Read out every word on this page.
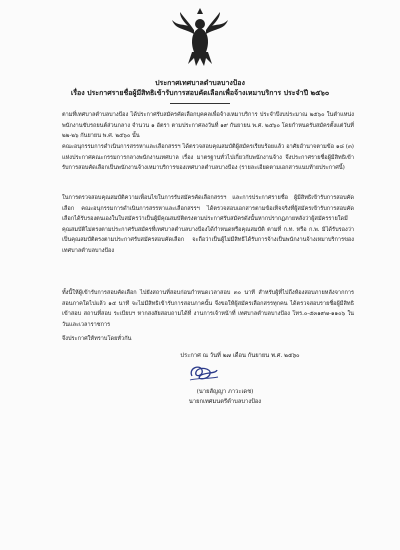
ประกาศเทศบาลตำบลบางป้อง
เรื่อง ประกาศรายชื่อผู้มีสิทธิเข้ารับการสอบคัดเลือกเพื่อจ้างเหมาบริการ ประจำปี ๒๕๖๐
ตามที่เทศบาลตำบลบางป้อง ได้ประกาศรับสมัครคัดเลือกบุคคลเพื่อจ้างเหมาบริการ ประจำปีงบประมาณ ๒๕๖๐ ในตำแหน่ง พนักงานขับรถยนต์ส่วนกลาง จำนวน ๑ อัตรา ตามประกาศลงวันที่ ๑๙ กันยายน พ.ศ. ๒๕๖๐ โดยกำหนดรับสมัครตั้งแต่วันที่ ๒๒-๒๖ กันยายน พ.ศ. ๒๕๖๐ นั้น
คณะอนุกรรมการดำเนินการสรรหาและเลือกสรรฯ ได้ตรวจสอบคุณสมบัติผู้สมัครเรียบร้อยแล้ว อาศัยอำนาจตามข้อ ๑๘ (๓) แห่งประกาศคณะกรรมการกลางพนักงานเทศบาล เรื่อง มาตรฐานทั่วไปเกี่ยวกับพนักงานจ้าง จึงประกาศรายชื่อผู้มีสิทธิเข้ารับการสอบคัดเลือกเป็นพนักงานจ้างเหมาบริการของเทศบาลตำบลบางป้อง (รายละเอียดตามเอกสารแนบท้ายประกาศนี้)
ในการตรวจสอบคุณสมบัติความเพื่อนไขในการรับสมัครคัดเลือกสรรฯ และการประกาศรายชื่อ ผู้มีสิทธิเข้ารับการสอบคัดเลือก คณะอนุกรรมการดำเนินการสรรหาและเลือกสรรฯ ได้ตรวจสอบเอกสารตามข้อเท็จจริงที่ผู้สมัครเข้ารับการสอบคัดเลือกได้รับรองตนเองในใบสมัครว่าเป็นผู้มีคุณสมบัติตรงตามประกาศรับสมัครดังนั้นหากปรากฏภายหลังว่าผู้สมัครรายใดมีคุณสมบัติไม่ตรงตามประกาศรับสมัครที่เทศบาลตำบลบางป้องได้กำหนดหรือคุณสมบัติ ตามที่ ก.ท. หรือ ก.พ. มิได้รับรองว่าเป็นคุณสมบัติตรงตามประกาศรับสมัครสอบคัดเลือก จะถือว่าเป็นผู้ไม่มีสิทธิได้รับการจ้างเป็นพนักงานจ้างเหมาบริการของเทศบาลตำบลบางป้อง
ทั้งนี้ให้ผู้เข้ารับการสอบคัดเลือก ไปยังสถานที่สอบก่อนกำหนดเวลาสอบ ๓๐ นาที สำหรับผู้ที่ไปถึงห้องสอบภายหลังจากการสอบภาคใดไปแล้ว ๑๕ นาที จะไม่มีสิทธิเข้ารับการสอบภาคนั้น จึงขอให้ผู้สมัครเลือกสรรทุกคน ได้ตรวจสอบรายชื่อผู้มีสิทธิเข้าสอบ สถานที่สอบ ระเบียบฯ หากสงสัยสอบถามได้ที่ งานการเจ้าหน้าที่ เทศบาลตำบลบางป้อง โทร.๐-๕๓๑๙๗-๑๑๐๖ ในวันและเวลาราชการ
จึงประกาศให้ทราบโดยทั่วกัน
ประกาศ ณ วันที่ ๒๗ เดือน กันยายน พ.ศ. ๒๕๖๐
(นายสัญญา ภาวะเดช)
นายกเทศมนตรีตำบลบางป้อง
